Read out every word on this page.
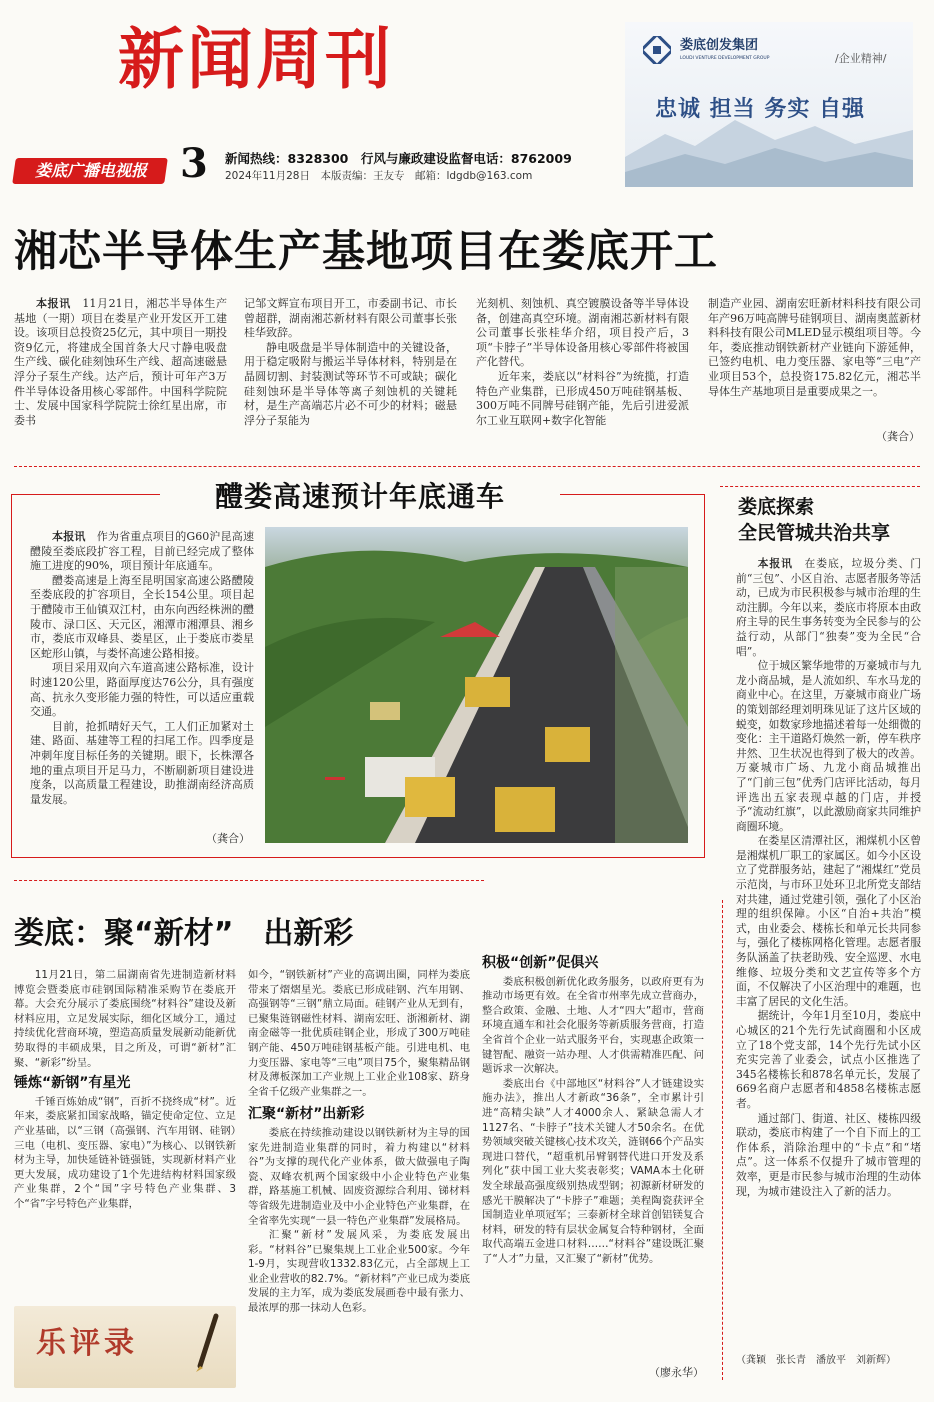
新闻周刊
娄底广播电视报 3 新闻热线：8328300　行风与廉政建设监督电话：8762009
2024年11月28日　本版责编：王友专　邮箱：ldgdb@163.com
娄底创发集团
LOUDI VENTURE DEVELOPMENT GROUP	/企业精神/
忠诚 担当 务实 自强
湘芯半导体生产基地项目在娄底开工

本报讯　11月21日，湘芯半导体生产基地（一期）项目在娄星产业开发区开工建设。该项目总投资25亿元，其中项目一期投资9亿元，将建成全国首条大尺寸静电吸盘生产线、碳化硅刻蚀环生产线、超高速磁悬浮分子泵生产线。达产后，预计可年产3万件半导体设备用核心零部件。中国科学院院士、发展中国家科学院院士徐红星出席，市委书

记邹文辉宣布项目开工，市委副书记、市长曾超群，湖南湘芯新材料有限公司董事长张桂华致辞。

静电吸盘是半导体制造中的关键设备，用于稳定吸附与搬运半导体材料，特别是在晶圆切割、封装测试等环节不可或缺；碳化硅刻蚀环是半导体等离子刻蚀机的关键耗材，是生产高端芯片必不可少的材料；磁悬浮分子泵能为

光刻机、刻蚀机、真空镀膜设备等半导体设备，创建高真空环境。湖南湘芯新材料有限公司董事长张桂华介绍，项目投产后，3项“卡脖子”半导体设备用核心零部件将被国产化替代。

近年来，娄底以“材料谷”为统揽，打造特色产业集群，已形成450万吨硅钢基板、300万吨不同牌号硅钢产能，先后引进爱派尔工业互联网+数字化智能

制造产业园、湖南宏旺新材料科技有限公司年产96万吨高牌号硅钢项目、湖南奥蓝新材料科技有限公司MLED显示模组项目等。今年，娄底推动钢铁新材产业链向下游延伸，已签约电机、电力变压器、家电等“三电”产业项目53个，总投资175.82亿元，湘芯半导体生产基地项目是重要成果之一。

（龚合）
醴娄高速预计年底通车

本报讯　作为省重点项目的G60沪昆高速醴陵至娄底段扩容工程，目前已经完成了整体施工进度的90%，项目预计年底通车。

醴娄高速是上海至昆明国家高速公路醴陵至娄底段的扩容项目，全长154公里。项目起于醴陵市王仙镇双江村，由东向西经株洲的醴陵市、渌口区、天元区，湘潭市湘潭县、湘乡市，娄底市双峰县、娄星区，止于娄底市娄星区蛇形山镇，与娄怀高速公路相接。

项目采用双向六车道高速公路标准，设计时速120公里，路面厚度达76公分，具有强度高、抗永久变形能力强的特性，可以适应重载交通。

目前，抢抓晴好天气，工人们正加紧对土建、路面、基建等工程的扫尾工作。四季度是冲刺年度目标任务的关键期。眼下，长株潭各地的重点项目开足马力，不断刷新项目建设进度条，以高质量工程建设，助推湖南经济高质量发展。

（龚合）
娄底探索
全民管城共治共享

本报讯　在娄底，垃圾分类、门前“三包”、小区自治、志愿者服务等活动，已成为市民积极参与城市治理的生动注脚。今年以来，娄底市将原本由政府主导的民生事务转变为全民参与的公益行动，从部门“独奏”变为全民“合唱”。

位于城区繁华地带的万豪城市与九龙小商品城，是人流如织、车水马龙的商业中心。在这里，万豪城市商业广场的策划部经理刘明珠见证了这片区域的蜕变，如数家珍地描述着每一处细微的变化：主干道路灯焕然一新，停车秩序井然、卫生状况也得到了极大的改善。万豪城市广场、九龙小商品城推出了“门前三包”优秀门店评比活动，每月评选出五家表现卓越的门店，并授予“流动红旗”，以此激励商家共同维护商圈环境。

在娄星区清潭社区，湘煤机小区曾是湘煤机厂职工的家属区。如今小区设立了党群服务站，建起了“湘煤红”党员示范岗，与市环卫处环卫北所党支部结对共建，通过党建引领，强化了小区治理的组织保障。小区“自治+共治”模式，由业委会、楼栋长和单元长共同参与，强化了楼栋网格化管理。志愿者服务队涵盖了扶老助残、安全巡逻、水电维修、垃圾分类和文艺宣传等多个方面，不仅解决了小区治理中的难题，也丰富了居民的文化生活。

据统计，今年1月至10月，娄底中心城区的21个先行先试商圈和小区成立了18个党支部，14个先行先试小区充实完善了业委会，试点小区推选了345名楼栋长和878名单元长，发展了669名商户志愿者和4858名楼栋志愿者。

通过部门、街道、社区、楼栋四级联动，娄底市构建了一个自下而上的工作体系，消除治理中的“卡点”和“堵点”。这一体系不仅提升了城市管理的效率，更是市民参与城市治理的生动体现，为城市建设注入了新的活力。

（龚颖　张长青　潘放平　刘新辉）
娄底：聚“新材”　出新彩

11月21日，第二届湖南省先进制造新材料博览会暨娄底市硅钢国际精准采购节在娄底开幕。大会充分展示了娄底围绕“材料谷”建设及新材料应用，立足发展实际，细化区域分工，通过持续优化营商环境，塑造高质量发展新动能新优势取得的丰硕成果，目之所及，可谓“新材”汇聚、“新彩”纷呈。

锤炼“新钢”有星光

千锤百炼始成“钢”，百折不挠终成“材”。近年来，娄底紧扣国家战略，锚定使命定位、立足产业基础，以“三钢（高强钢、汽车用钢、硅钢）三电（电机、变压器、家电）”为核心、以钢铁新材为主导，加快延链补链强链，实现新材料产业更大发展，成功建设了1个先进结构材料国家级产业集群，2个“国”字号特色产业集群、3个“省”字号特色产业集群，

乐评录

如今，“钢铁新材”产业的高调出圈，同样为娄底带来了熠熠星光。娄底已形成硅钢、汽车用钢、高强钢等“三钢”鼎立局面。硅钢产业从无到有，已聚集涟钢磁性材料、湖南宏旺、浙湘新材、湖南金磁等一批优质硅钢企业，形成了300万吨硅钢产能、450万吨硅钢基板产能。引进电机、电力变压器、家电等“三电”项目75个，聚集精品钢材及薄板深加工产业规上工业企业108家、跻身全省千亿级产业集群之一。

汇聚“新材”出新彩

娄底在持续推动建设以钢铁新材为主导的国家先进制造业集群的同时，着力构建以“材料谷”为支撑的现代化产业体系，做大做强电子陶瓷、双峰农机两个国家级中小企业特色产业集群，路基施工机械、固废资源综合利用、锑材料等省级先进制造业及中小企业特色产业集群，在全省率先实现“一县一特色产业集群”发展格局。

汇聚“新材”发展风采，为娄底发展出彩。“材料谷”已聚集规上工业企业500家。今年1-9月，实现营收1332.83亿元，占全部规上工业企业营收的82.7%。“新材料”产业已成为娄底发展的主力军，成为娄底发展画卷中最有张力、最浓厚的那一抹动人色彩。

积极“创新”促俱兴

娄底积极创新优化政务服务，以政府更有为推动市场更有效。在全省市州率先成立营商办，整合政策、金融、土地、人才“四大”超市，营商环境直通车和社会化服务等新质服务营商，打造全省首个企业一站式服务平台，实现惠企政策一键智配、融资一站办理、人才供需精准匹配、问题诉求一次解决。

娄底出台《中部地区“材料谷”人才链建设实施办法》，推出人才新政“36条”，全市累计引进“高精尖缺”人才4000余人、紧缺急需人才1127名、“卡脖子”技术关键人才50余名。在优势领域突破关键核心技术攻关，涟钢66个产品实现进口替代，“超重机吊臂钢替代进口开发及系列化”获中国工业大奖表彰奖；VAMA本土化研发全球最高强度级别热成型钢；初源新材研发的感光干膜解决了“卡脖子”难题；美程陶瓷获评全国制造业单项冠军；三泰新材全球首创铝镁复合材料，研发的特有层状金属复合特种钢材，全面取代高端五金进口材料……“材料谷”建设既汇聚了“人才”力量，又汇聚了“新材”优势。

（廖永华）
